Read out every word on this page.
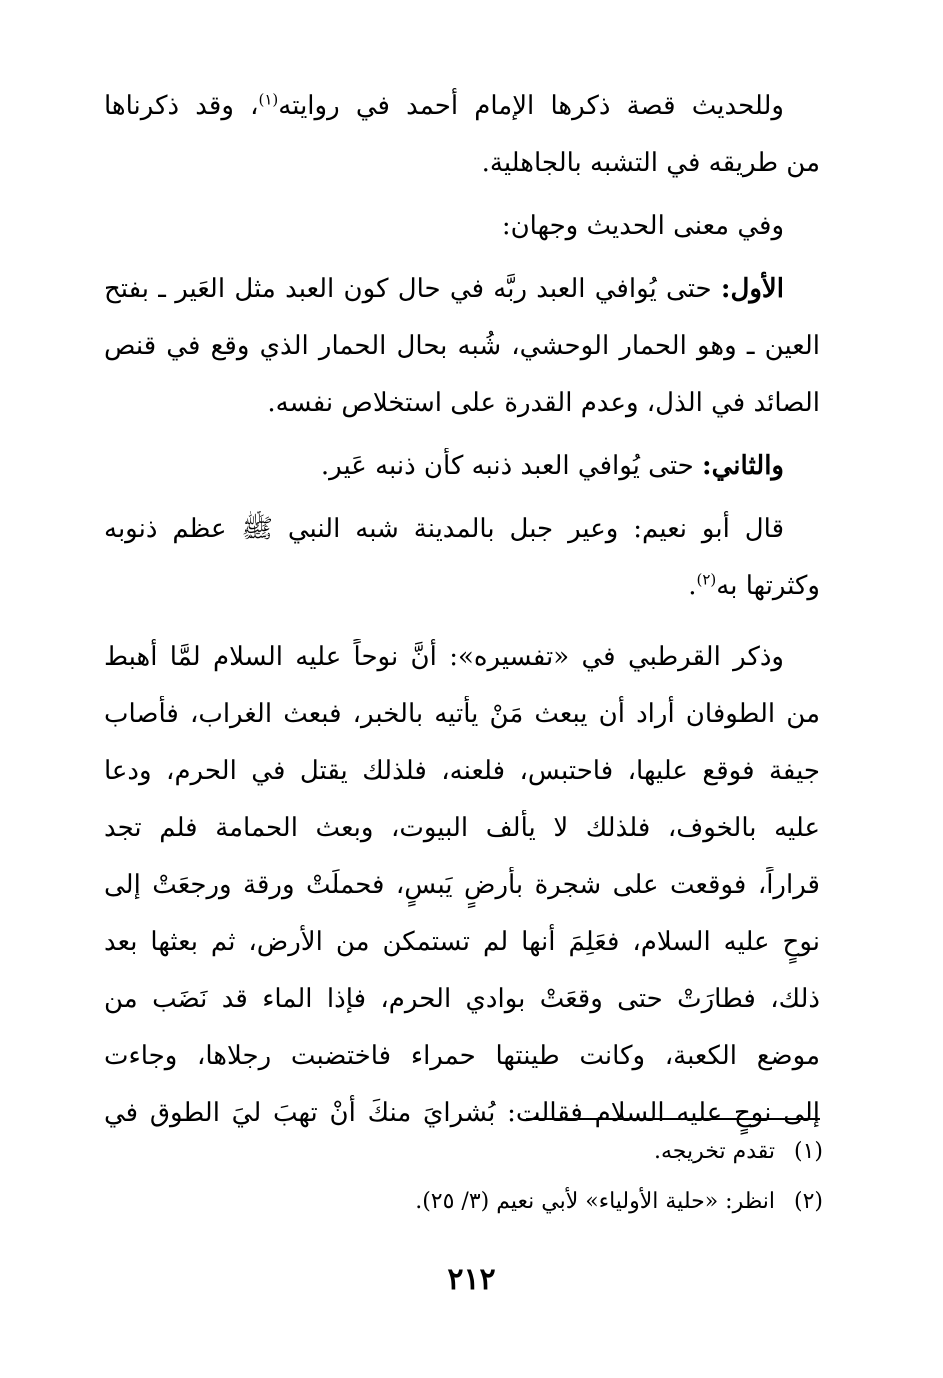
وللحديث قصة ذكرها الإمام أحمد في روايته$^{(١)}$، وقد ذكرناها
من طريقه في التشبه بالجاهلية.
وفي معنى الحديث وجهان:
الأول: حتى يُوافي العبد ربَّه في حال كون العبد مثل العَير ـ بفتح
العين ـ وهو الحمار الوحشي، شُبه بحال الحمار الذي وقع في قنص
الصائد في الذل، وعدم القدرة على استخلاص نفسه.
والثاني: حتى يُوافي العبد ذنبه كأن ذنبه عَير.
قال أبو نعيم: وعير جبل بالمدينة شبه النبي ﷺ عظم ذنوبه
وكثرتها به$^{(٢)}$.
وذكر القرطبي في «تفسيره»: أنَّ نوحاً عليه السلام لمَّا أُهبط
من الطوفان أراد أن يبعث مَنْ يأتيه بالخبر، فبعث الغراب، فأصاب
جيفة فوقع عليها، فاحتبس، فلعنه، فلذلك يقتل في الحرم، ودعا
عليه بالخوف، فلذلك لا يألف البيوت، وبعث الحمامة فلم تجد
قراراً، فوقعت على شجرة بأرضٍ يَبسٍ، فحملَتْ ورقة ورجعَتْ إلى
نوحٍ عليه السلام، فعَلِمَ أنها لم تستمكن من الأرض، ثم بعثها بعد
ذلك، فطارَتْ حتى وقعَتْ بوادي الحرم، فإذا الماء قد نَضَب من
موضع الكعبة، وكانت طينتها حمراء فاختضبت رجلاها، وجاءت
إلى نوحٍ عليه السلام فقالت: بُشرايَ منكَ أنْ تهبَ ليَ الطوق في
(١)تقدم تخريجه.
(٢)انظر: «حلية الأولياء» لأبي نعيم (٣/ ٢٥).
٢١٢
